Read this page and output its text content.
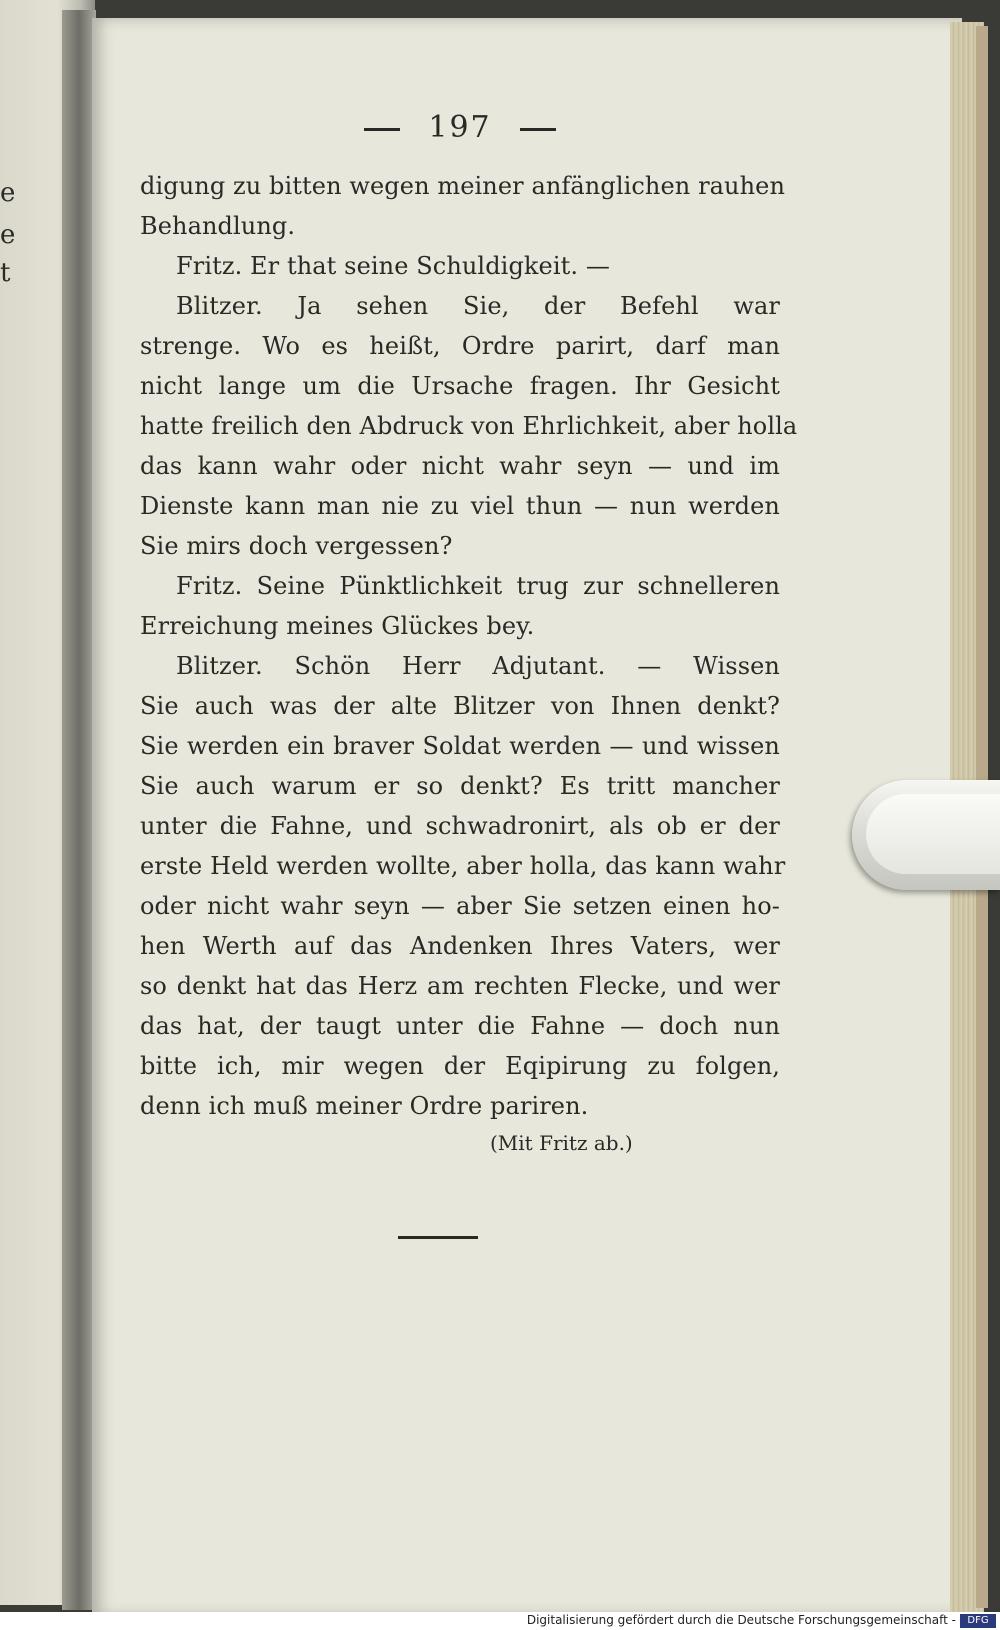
e
e
t
197
digung zu bitten wegen meiner anfänglichen rauhen
Behandlung.
Fritz. Er that seine Schuldigkeit. —
Blitzer. Ja sehen Sie, der Befehl war
strenge. Wo es heißt, Ordre parirt, darf man
nicht lange um die Ursache fragen. Ihr Gesicht
hatte freilich den Abdruck von Ehrlichkeit, aber holla
das kann wahr oder nicht wahr seyn — und im
Dienste kann man nie zu viel thun — nun werden
Sie mirs doch vergessen?
Fritz. Seine Pünktlichkeit trug zur schnelleren
Erreichung meines Glückes bey.
Blitzer. Schön Herr Adjutant. — Wissen
Sie auch was der alte Blitzer von Ihnen denkt?
Sie werden ein braver Soldat werden — und wissen
Sie auch warum er so denkt? Es tritt mancher
unter die Fahne, und schwadronirt, als ob er der
erste Held werden wollte, aber holla, das kann wahr
oder nicht wahr seyn — aber Sie setzen einen ho-
hen Werth auf das Andenken Ihres Vaters, wer
so denkt hat das Herz am rechten Flecke, und wer
das hat, der taugt unter die Fahne — doch nun
bitte ich, mir wegen der Eqipirung zu folgen,
denn ich muß meiner Ordre pariren.
(Mit Fritz ab.)
Digitalisierung gefördert durch die Deutsche Forschungsgemeinschaft -	DFG
